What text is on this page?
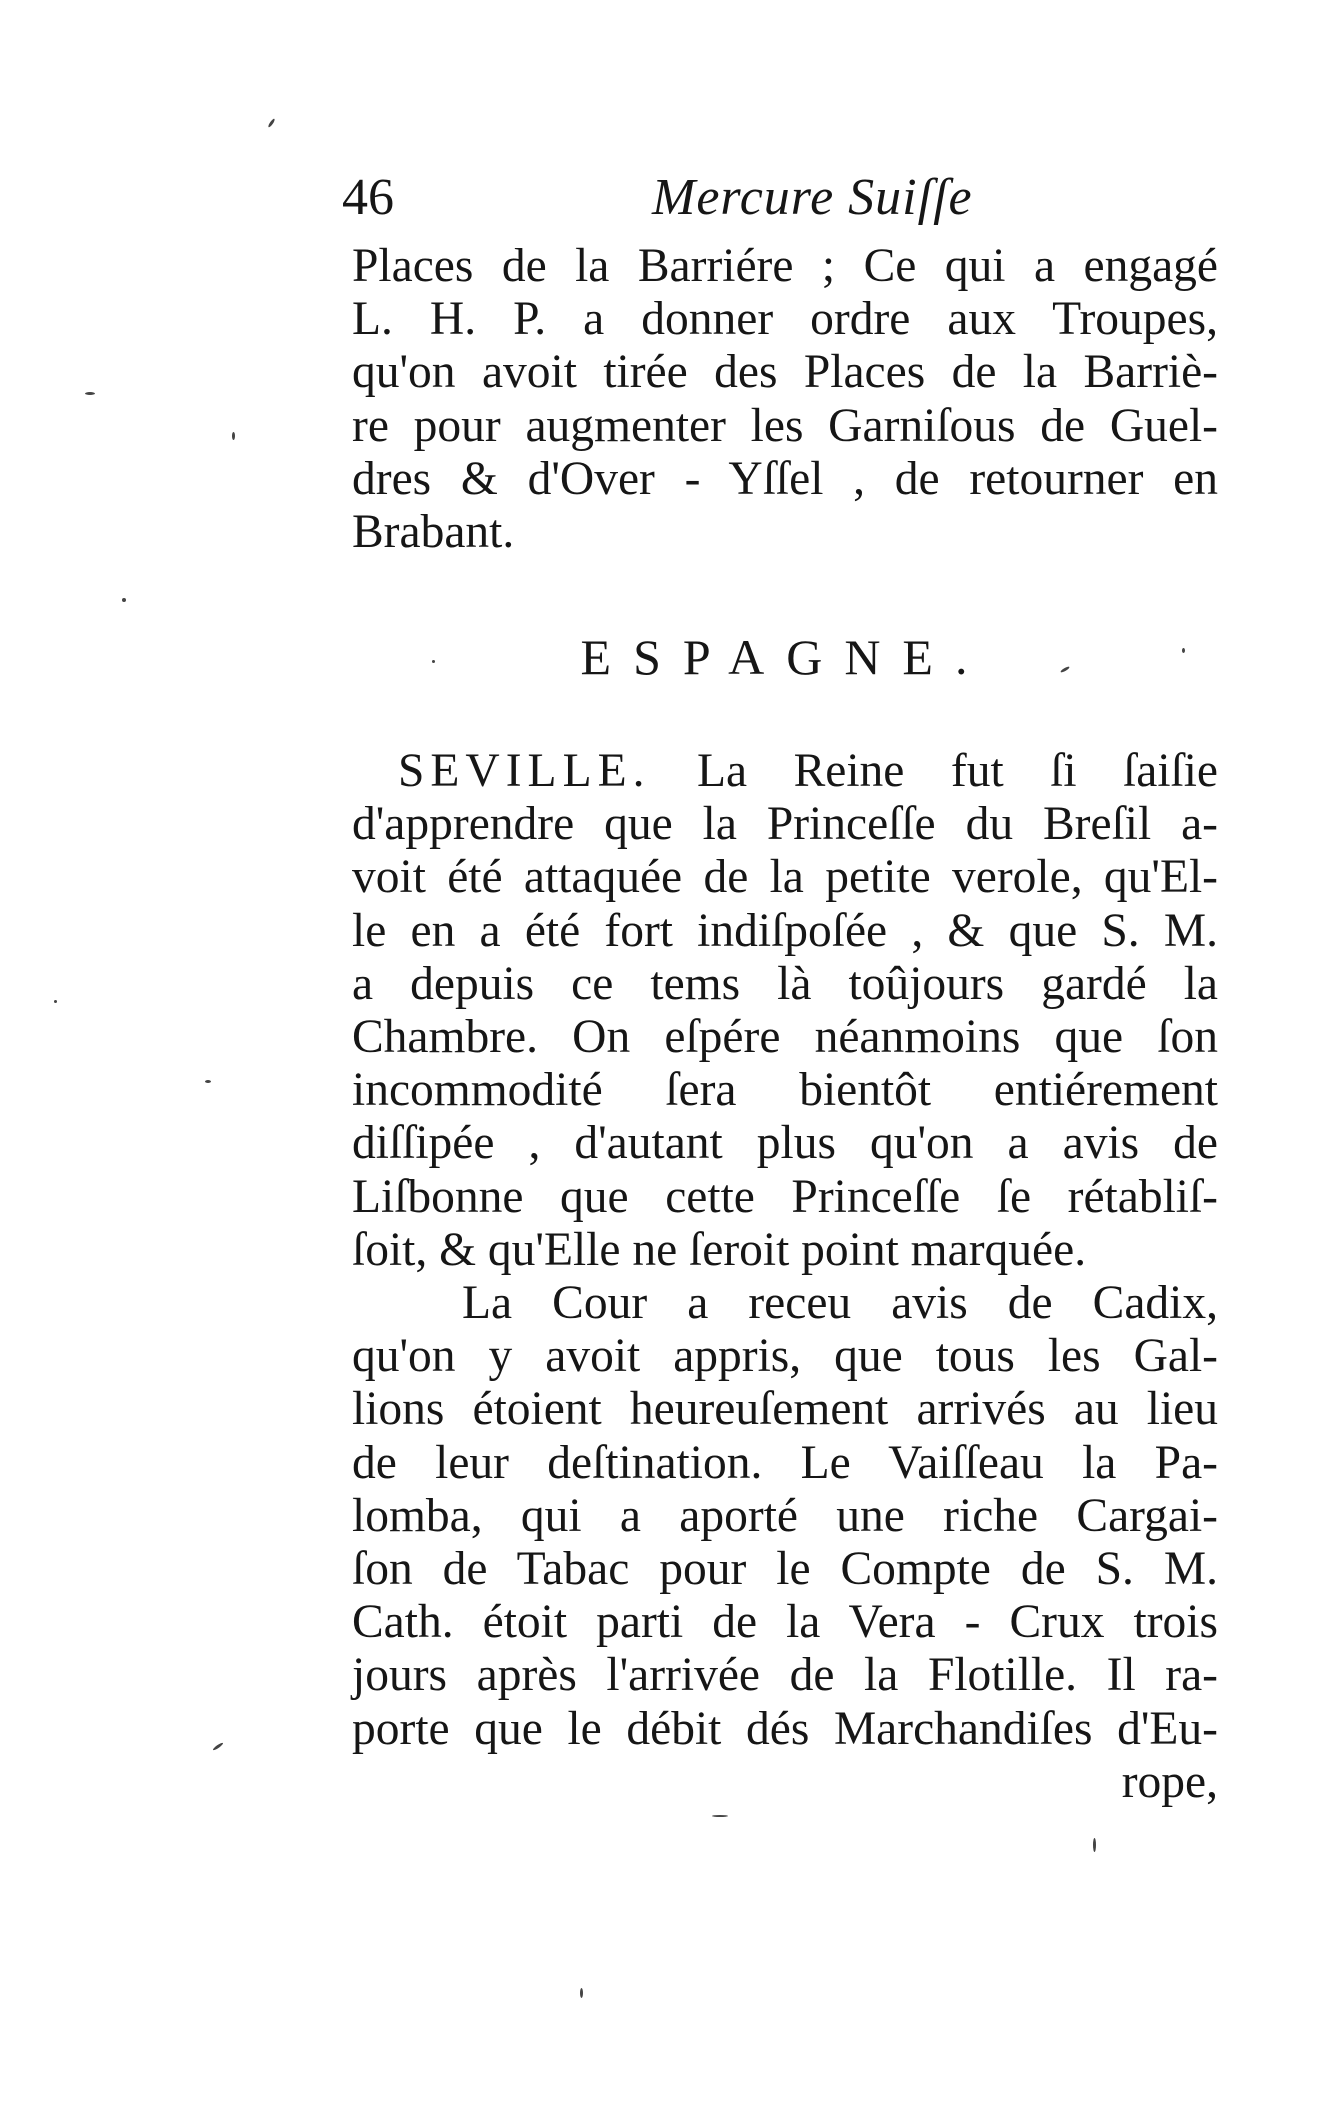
46	Mercure Suiſſe
Places de la Barriére ; Ce qui a engagé
L. H. P. a donner ordre aux Troupes,
qu'on avoit tirée des Places de la Barriè-
re pour augmenter les Garniſous de Guel-
dres & d'Over - Yſſel , de retourner en
Brabant.
ESPAGNE.
SEVILLE. La Reine fut ſi ſaiſie
d'apprendre que la Princeſſe du Breſil a-
voit été attaquée de la petite verole, qu'El-
le en a été fort indiſpoſée , & que S. M.
a depuis ce tems là toûjours gardé la
Chambre. On eſpére néanmoins que ſon
incommodité ſera bientôt entiérement
diſſipée , d'autant plus qu'on a avis de
Liſbonne que cette Princeſſe ſe rétabliſ-
ſoit, & qu'Elle ne ſeroit point marquée.
La Cour a receu avis de Cadix,
qu'on y avoit appris, que tous les Gal-
lions étoient heureuſement arrivés au lieu
de leur deſtination. Le Vaiſſeau la Pa-
lomba, qui a aporté une riche Cargai-
ſon de Tabac pour le Compte de S. M.
Cath. étoit parti de la Vera - Crux trois
jours après l'arrivée de la Flotille. Il ra-
porte que le débit dés Marchandiſes d'Eu-
rope,
